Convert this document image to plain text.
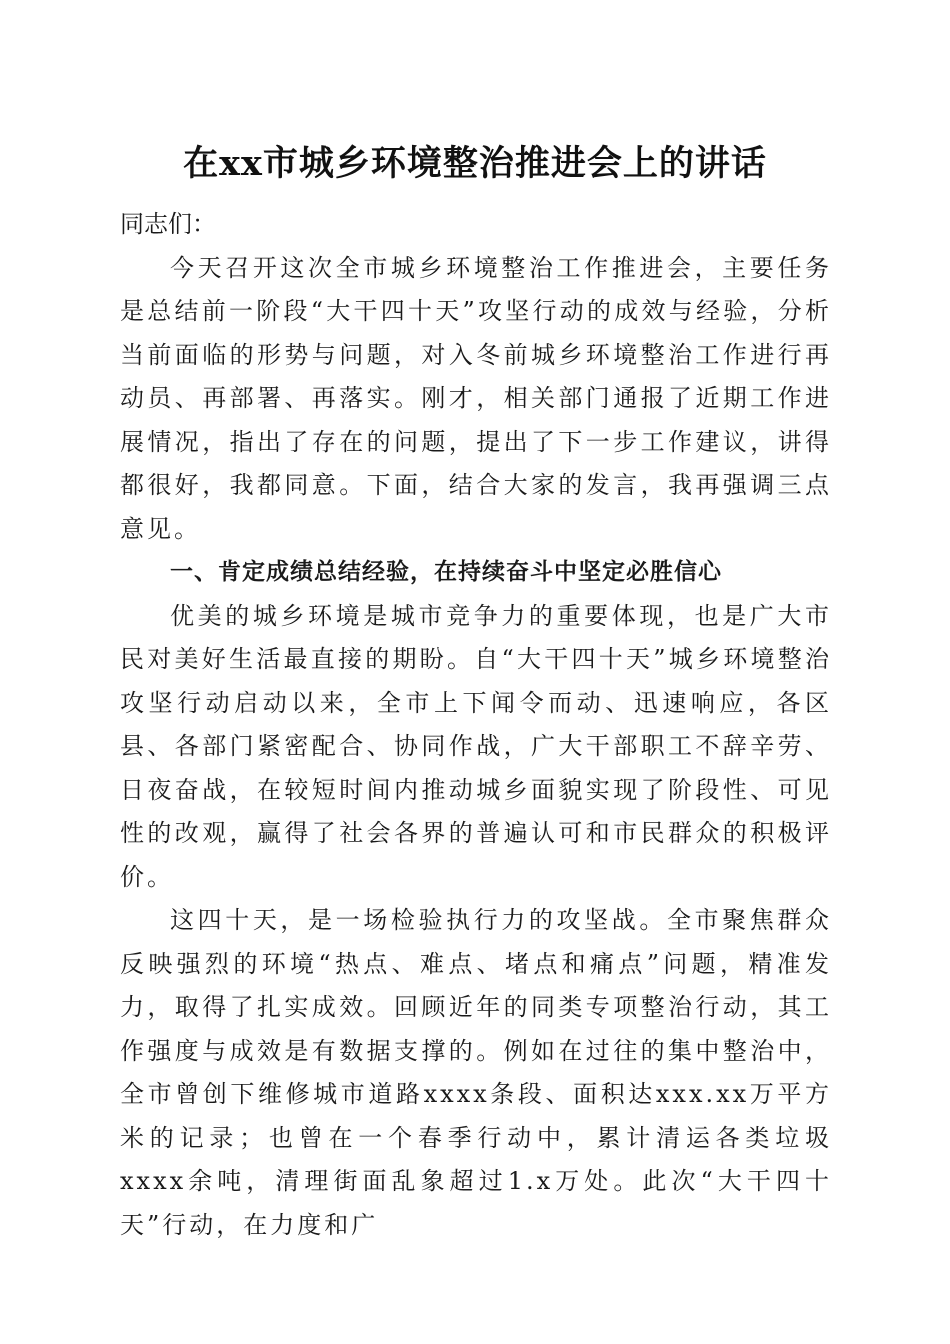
在xx市城乡环境整治推进会上的讲话

同志们：

今天召开这次全市城乡环境整治工作推进会，主要任务是总结前一阶段“大干四十天”攻坚行动的成效与经验，分析当前面临的形势与问题，对入冬前城乡环境整治工作进行再动员、再部署、再落实。刚才，相关部门通报了近期工作进展情况，指出了存在的问题，提出了下一步工作建议，讲得都很好，我都同意。下面，结合大家的发言，我再强调三点意见。

一、肯定成绩总结经验，在持续奋斗中坚定必胜信心

优美的城乡环境是城市竞争力的重要体现，也是广大市民对美好生活最直接的期盼。自“大干四十天”城乡环境整治攻坚行动启动以来，全市上下闻令而动、迅速响应，各区县、各部门紧密配合、协同作战，广大干部职工不辞辛劳、日夜奋战，在较短时间内推动城乡面貌实现了阶段性、可见性的改观，赢得了社会各界的普遍认可和市民群众的积极评价。

这四十天，是一场检验执行力的攻坚战。全市聚焦群众反映强烈的环境“热点、难点、堵点和痛点”问题，精准发力，取得了扎实成效。回顾近年的同类专项整治行动，其工作强度与成效是有数据支撑的。例如在过往的集中整治中，全市曾创下维修城市道路xxxx条段、面积达xxx.xx万平方米的记录；也曾在一个春季行动中，累计清运各类垃圾xxxx余吨，清理街面乱象超过1.x万处。此次“大干四十天”行动，在力度和广
